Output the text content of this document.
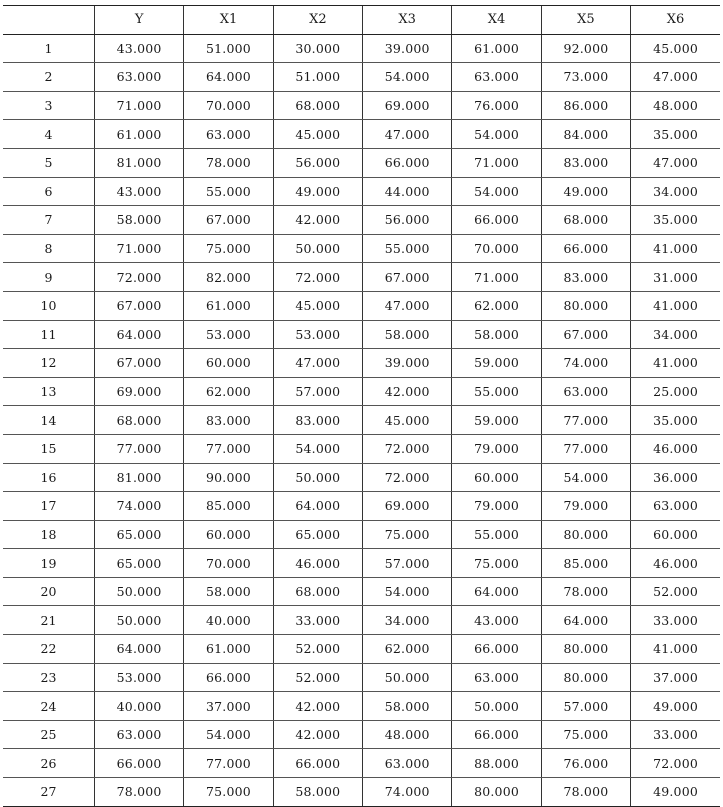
	Y	X1	X2	X3	X4	X5	X6
1	43.000	51.000	30.000	39.000	61.000	92.000	45.000
2	63.000	64.000	51.000	54.000	63.000	73.000	47.000
3	71.000	70.000	68.000	69.000	76.000	86.000	48.000
4	61.000	63.000	45.000	47.000	54.000	84.000	35.000
5	81.000	78.000	56.000	66.000	71.000	83.000	47.000
6	43.000	55.000	49.000	44.000	54.000	49.000	34.000
7	58.000	67.000	42.000	56.000	66.000	68.000	35.000
8	71.000	75.000	50.000	55.000	70.000	66.000	41.000
9	72.000	82.000	72.000	67.000	71.000	83.000	31.000
10	67.000	61.000	45.000	47.000	62.000	80.000	41.000
11	64.000	53.000	53.000	58.000	58.000	67.000	34.000
12	67.000	60.000	47.000	39.000	59.000	74.000	41.000
13	69.000	62.000	57.000	42.000	55.000	63.000	25.000
14	68.000	83.000	83.000	45.000	59.000	77.000	35.000
15	77.000	77.000	54.000	72.000	79.000	77.000	46.000
16	81.000	90.000	50.000	72.000	60.000	54.000	36.000
17	74.000	85.000	64.000	69.000	79.000	79.000	63.000
18	65.000	60.000	65.000	75.000	55.000	80.000	60.000
19	65.000	70.000	46.000	57.000	75.000	85.000	46.000
20	50.000	58.000	68.000	54.000	64.000	78.000	52.000
21	50.000	40.000	33.000	34.000	43.000	64.000	33.000
22	64.000	61.000	52.000	62.000	66.000	80.000	41.000
23	53.000	66.000	52.000	50.000	63.000	80.000	37.000
24	40.000	37.000	42.000	58.000	50.000	57.000	49.000
25	63.000	54.000	42.000	48.000	66.000	75.000	33.000
26	66.000	77.000	66.000	63.000	88.000	76.000	72.000
27	78.000	75.000	58.000	74.000	80.000	78.000	49.000
